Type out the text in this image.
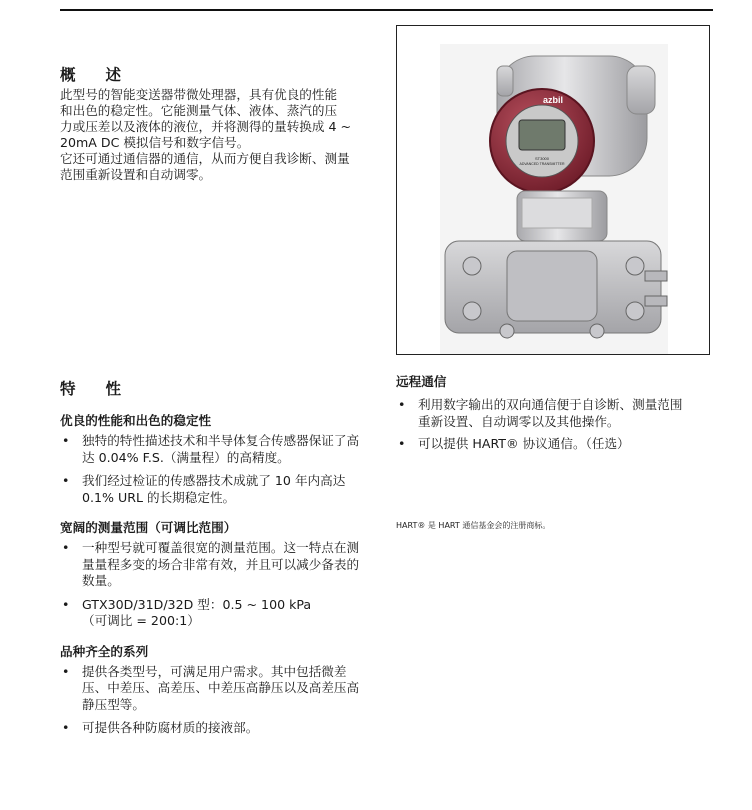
概 述

此型号的智能变送器带微处理器，具有优良的性能
和出色的稳定性。它能测量气体、液体、蒸汽的压
力或压差以及液体的液位，并将测得的量转换成 4 ~
20mA DC 模拟信号和数字信号。
它还可通过通信器的通信，从而方便自我诊断、测量
范围重新设置和自动调零。

azbil
ST3000
ADVANCED TRANSMITTER
特 性
优良的性能和出色的稳定性
• 独特的特性描述技术和半导体复合传感器保证了高
达 0.04% F.S.（满量程）的高精度。
• 我们经过检证的传感器技术成就了 10 年内高达
0.1% URL 的长期稳定性。
宽阔的测量范围（可调比范围）
• 一种型号就可覆盖很宽的测量范围。这一特点在测
量量程多变的场合非常有效，并且可以减少备表的
数量。
• GTX30D/31D/32D 型：0.5 ~ 100 kPa
（可调比 = 200:1）
品种齐全的系列
• 提供各类型号，可满足用户需求。其中包括微差
压、中差压、高差压、中差压高静压以及高差压高
静压型等。
• 可提供各种防腐材质的接液部。
远程通信
• 利用数字输出的双向通信便于自诊断、测量范围
重新设置、自动调零以及其他操作。
• 可以提供 HART® 协议通信。（任选）
HART® 是 HART 通信基金会的注册商标。
